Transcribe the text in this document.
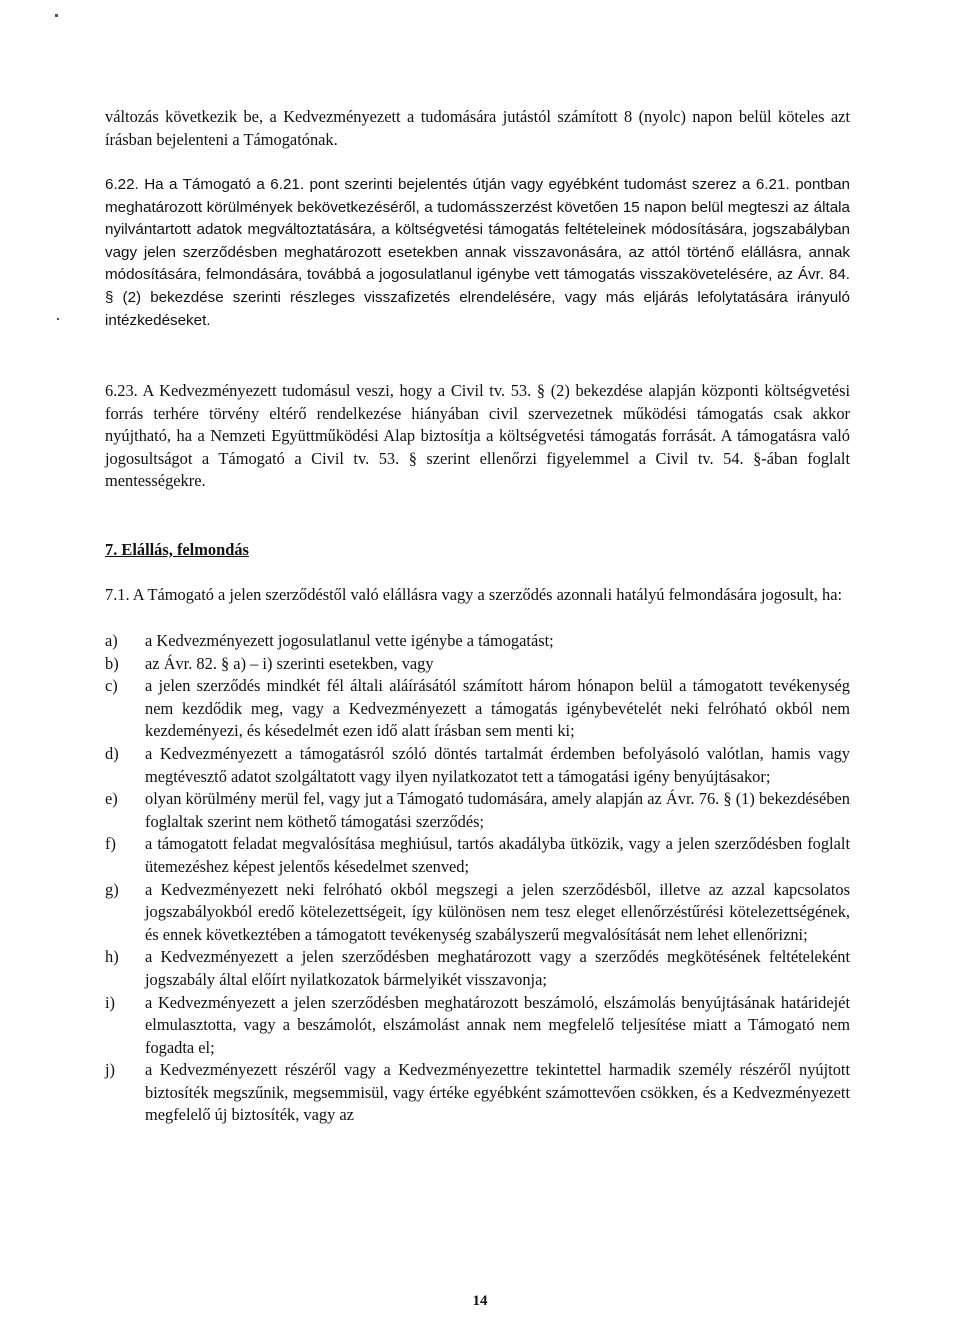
változás következik be, a Kedvezményezett a tudomására jutástól számított 8 (nyolc) napon belül köteles azt írásban bejelenteni a Támogatónak.

6.22. Ha a Támogató a 6.21. pont szerinti bejelentés útján vagy egyébként tudomást szerez a 6.21. pontban meghatározott körülmények bekövetkezéséről, a tudomásszerzést követően 15 napon belül megteszi az általa nyilvántartott adatok megváltoztatására, a költségvetési támogatás feltételeinek módosítására, jogszabályban vagy jelen szerződésben meghatározott esetekben annak visszavonására, az attól történő elállásra, annak módosítására, felmondására, továbbá a jogosulatlanul igénybe vett támogatás visszakövetelésére, az Ávr. 84. § (2) bekezdése szerinti részleges visszafizetés elrendelésére, vagy más eljárás lefolytatására irányuló intézkedéseket.

6.23. A Kedvezményezett tudomásul veszi, hogy a Civil tv. 53. § (2) bekezdése alapján központi költségvetési forrás terhére törvény eltérő rendelkezése hiányában civil szervezetnek működési támogatás csak akkor nyújtható, ha a Nemzeti Együttműködési Alap biztosítja a költségvetési támogatás forrását. A támogatásra való jogosultságot a Támogató a Civil tv. 53. § szerint ellenőrzi figyelemmel a Civil tv. 54. §-ában foglalt mentességekre.

7. Elállás, felmondás

7.1. A Támogató a jelen szerződéstől való elállásra vagy a szerződés azonnali hatályú felmondására jogosult, ha:

a)	a Kedvezményezett jogosulatlanul vette igénybe a támogatást;
b)	az Ávr. 82. § a) – i) szerinti esetekben, vagy
c)	a jelen szerződés mindkét fél általi aláírásától számított három hónapon belül a támogatott tevékenység nem kezdődik meg, vagy a Kedvezményezett a támogatás igénybevételét neki felróható okból nem kezdeményezi, és késedelmét ezen idő alatt írásban sem menti ki;
d)	a Kedvezményezett a támogatásról szóló döntés tartalmát érdemben befolyásoló valótlan, hamis vagy megtévesztő adatot szolgáltatott vagy ilyen nyilatkozatot tett a támogatási igény benyújtásakor;
e)	olyan körülmény merül fel, vagy jut a Támogató tudomására, amely alapján az Ávr. 76. § (1) bekezdésében foglaltak szerint nem köthető támogatási szerződés;
f)	a támogatott feladat megvalósítása meghiúsul, tartós akadályba ütközik, vagy a jelen szerződésben foglalt ütemezéshez képest jelentős késedelmet szenved;
g)	a Kedvezményezett neki felróható okból megszegi a jelen szerződésből, illetve az azzal kapcsolatos jogszabályokból eredő kötelezettségeit, így különösen nem tesz eleget ellenőrzéstűrési kötelezettségének, és ennek következtében a támogatott tevékenység szabályszerű megvalósítását nem lehet ellenőrizni;
h)	a Kedvezményezett a jelen szerződésben meghatározott vagy a szerződés megkötésének feltételeként jogszabály által előírt nyilatkozatok bármelyikét visszavonja;
i)	a Kedvezményezett a jelen szerződésben meghatározott beszámoló, elszámolás benyújtásának határidejét elmulasztotta, vagy a beszámolót, elszámolást annak nem megfelelő teljesítése miatt a Támogató nem fogadta el;
j)	a Kedvezményezett részéről vagy a Kedvezményezettre tekintettel harmadik személy részéről nyújtott biztosíték megszűnik, megsemmisül, vagy értéke egyébként számottevően csökken, és a Kedvezményezett megfelelő új biztosíték, vagy az
14
